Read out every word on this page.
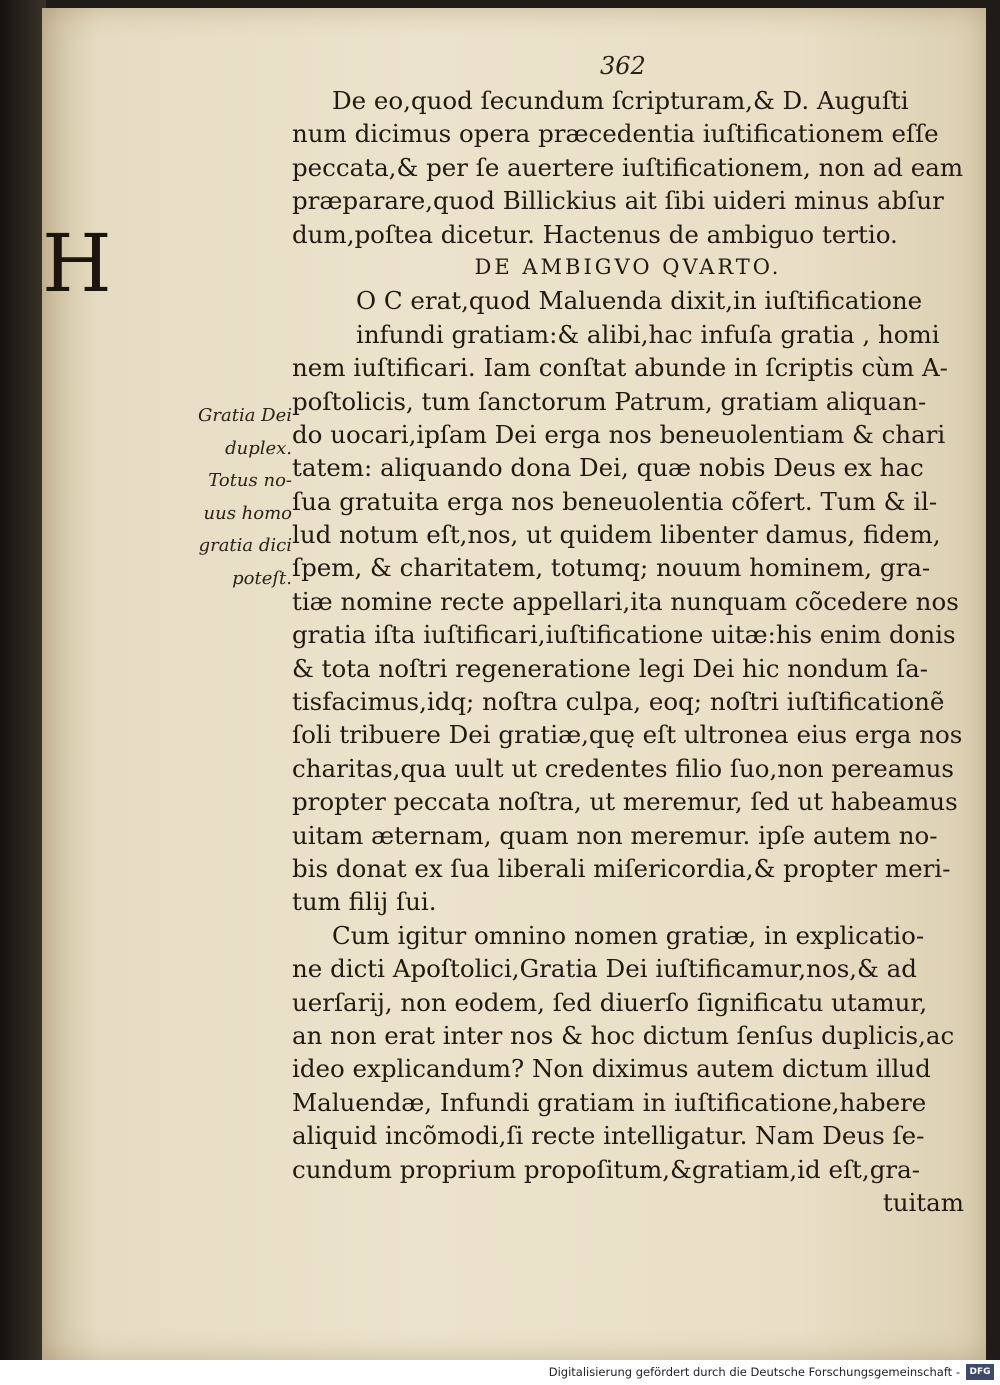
362
H
De eo,quod ſecundum ſcripturam,& D. Auguſti
num dicimus opera præcedentia iuſtificationem eſſe
peccata,& per ſe auertere iuſtificationem, non ad eam
præparare,quod Billickius ait ſibi uideri minus abſur
dum,poſtea dicetur. Hactenus de ambiguo tertio.
DE AMBIGVO QVARTO.
O C erat,quod Maluenda dixit,in iuſtificatione
infundi gratiam:& alibi,hac infuſa gratia , homi
nem iuſtificari. Iam conſtat abunde in ſcriptis cùm A-
poſtolicis, tum ſanctorum Patrum, gratiam aliquan-
do uocari,ipſam Dei erga nos beneuolentiam & chari
tatem: aliquando dona Dei, quæ nobis Deus ex hac
ſua gratuita erga nos beneuolentia cõfert. Tum & il-
lud notum eſt,nos, ut quidem libenter damus, fidem,
ſpem, & charitatem, totumq; nouum hominem, gra-
tiæ nomine recte appellari,ita nunquam cõcedere nos
gratia iſta iuſtificari,iuſtificatione uitæ:his enim donis
& tota noſtri regeneratione legi Dei hic nondum ſa-
tisfacimus,idq; noſtra culpa, eoq; noſtri iuſtificationẽ
ſoli tribuere Dei gratiæ,quę eſt ultronea eius erga nos
charitas,qua uult ut credentes filio ſuo,non pereamus
propter peccata noſtra, ut meremur, ſed ut habeamus
uitam æternam, quam non meremur. ipſe autem no-
bis donat ex ſua liberali miſericordia,& propter meri-
tum filij ſui.
Cum igitur omnino nomen gratiæ, in explicatio-
ne dicti Apoſtolici,Gratia Dei iuſtificamur,nos,& ad
uerſarij, non eodem, ſed diuerſo ſignificatu utamur,
an non erat inter nos & hoc dictum ſenſus duplicis,ac
ideo explicandum? Non diximus autem dictum illud
Maluendæ, Infundi gratiam in iuſtificatione,habere
aliquid incõmodi,ſi recte intelligatur. Nam Deus ſe-
cundum proprium propoſitum,&gratiam,id eſt,gra-
tuitam
Gratia Dei
duplex.
Totus no-
uus homo
gratia dici
poteſt.
Digitalisierung gefördert durch die Deutsche Forschungsgemeinschaft -	DFG
